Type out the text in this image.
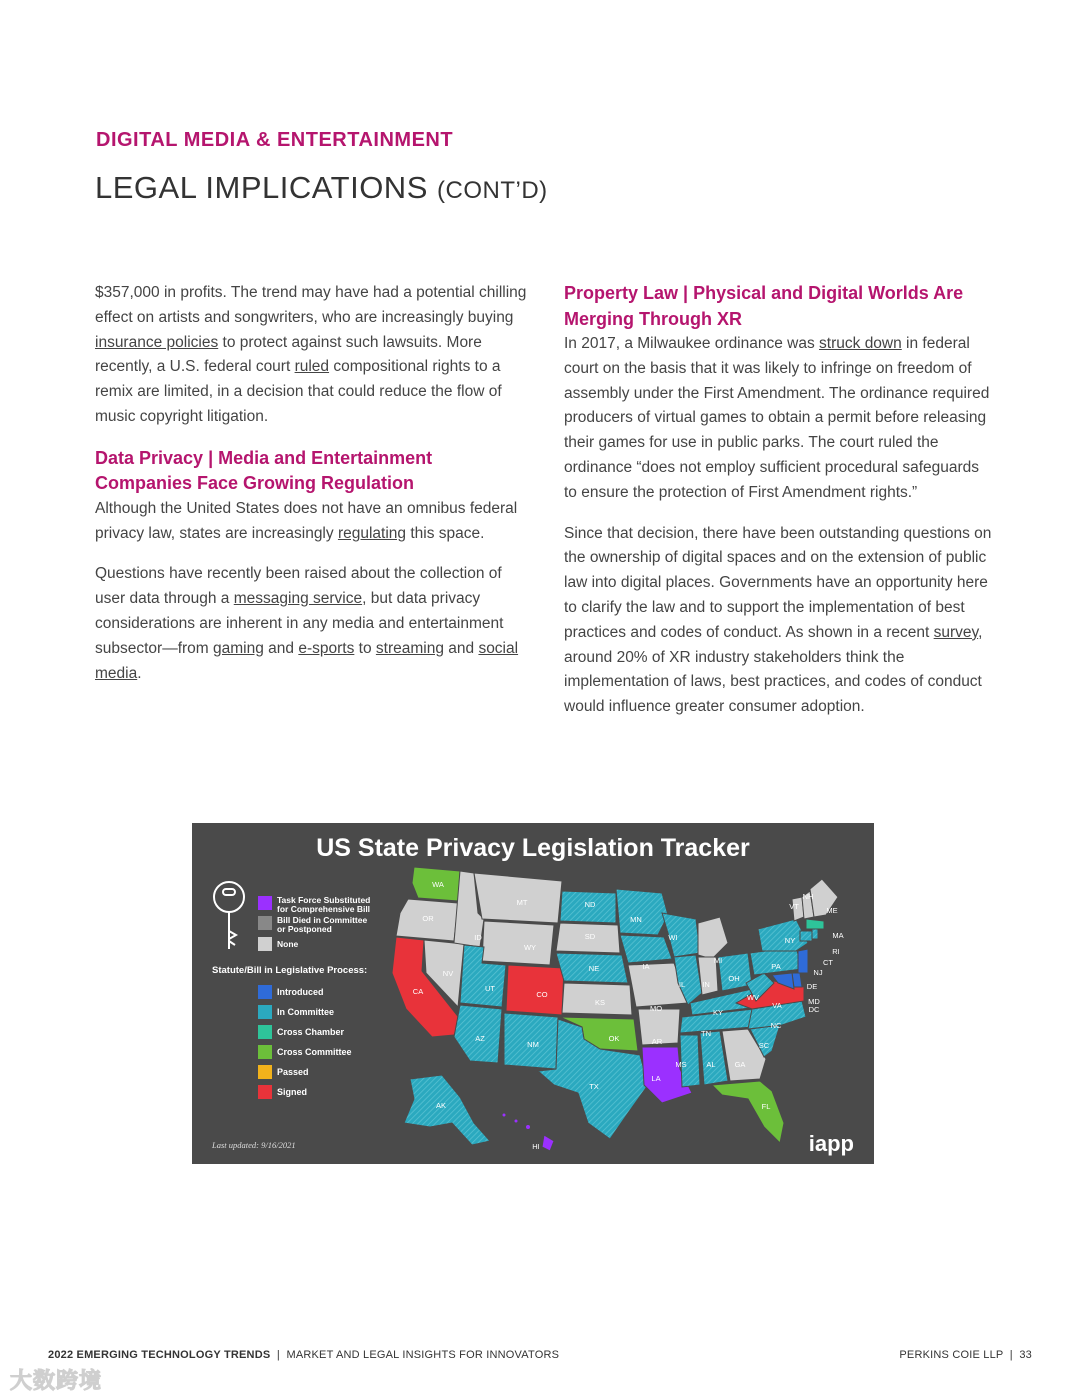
DIGITAL MEDIA & ENTERTAINMENT
LEGAL IMPLICATIONS (CONT’D)

$357,000 in profits. The trend may have had a potential chilling effect on artists and songwriters, who are increasingly buying insurance policies to protect against such lawsuits. More recently, a U.S. federal court ruled compositional rights to a remix are limited, in a decision that could reduce the flow of music copyright litigation.

Data Privacy | Media and Entertainment Companies Face Growing Regulation

Although the United States does not have an omnibus federal privacy law, states are increasingly regulating this space.

Questions have recently been raised about the collection of user data through a messaging service, but data privacy considerations are inherent in any media and entertainment subsector—from gaming and e-sports to streaming and social media.

Property Law | Physical and Digital Worlds Are Merging Through XR

In 2017, a Milwaukee ordinance was struck down in federal court on the basis that it was likely to infringe on freedom of assembly under the First Amendment. The ordinance required producers of virtual games to obtain a permit before releasing their games for use in public parks. The court ruled the ordinance “does not employ sufficient procedural safeguards to ensure the protection of First Amendment rights.”

Since that decision, there have been outstanding questions on the ownership of digital spaces and on the extension of public law into digital places. Governments have an opportunity here to clarify the law and to support the implementation of best practices and codes of conduct. As shown in a recent survey, around 20% of XR industry stakeholders think the implementation of laws, best practices, and codes of conduct would influence greater consumer adoption.

US State Privacy Legislation Tracker
Task Force Substituted
for Comprehensive Bill
Bill Died in Committee
or Postponed
None
Statute/Bill in Legislative Process:
Introduced
In Committee
Cross Chamber
Cross Committee
Passed
Signed
WA
OR
CA
NV
ID
MT
WY
UT
CO
AZ
NM
ND
SD
NE
KS
OK
TX
MN
IA
MO
AR
LA
WI
IL
MI
IN
OH
KY
TN
MS	AL	GA
FL
SC
NC
VA
WV
PA
NY
VT
NH
ME
MA
RI
CT
NJ
DE
MD
DC
AK
HI
Last updated: 9/16/2021	iapp
2022 EMERGING TECHNOLOGY TRENDS | MARKET AND LEGAL INSIGHTS FOR INNOVATORS	PERKINS COIE LLP | 33
大数跨境
